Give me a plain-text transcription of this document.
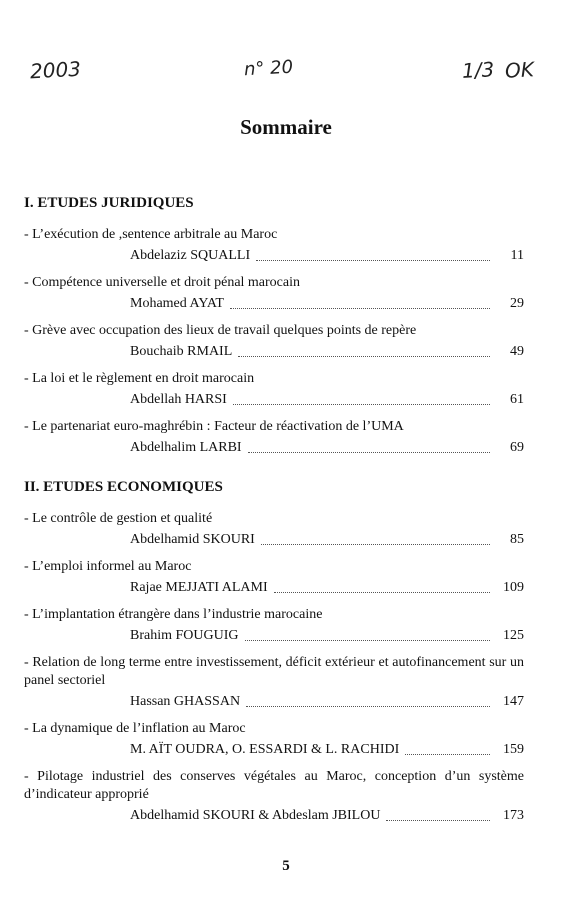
2003	n° 20	1/3 OK
Sommaire
I. ETUDES JURIDIQUES
- L’exécution de ,sentence arbitrale au Maroc
Abdelaziz SQUALLI	11
- Compétence universelle et droit pénal marocain
Mohamed AYAT	29
- Grève avec occupation des lieux de travail quelques points de repère
Bouchaib RMAIL	49
- La loi et le règlement en droit marocain
Abdellah HARSI	61
- Le partenariat euro-maghrébin : Facteur de réactivation de l’UMA
Abdelhalim LARBI	69
II. ETUDES ECONOMIQUES
- Le contrôle de gestion et qualité
Abdelhamid SKOURI	85
- L’emploi informel au Maroc
Rajae MEJJATI ALAMI	109
- L’implantation étrangère dans l’industrie marocaine
Brahim FOUGUIG	125
- Relation de long terme entre investissement, déficit extérieur et autofinancement sur un panel sectoriel
Hassan GHASSAN	147
- La dynamique de l’inflation au Maroc
M. AÏT OUDRA, O. ESSARDI & L. RACHIDI	159
- Pilotage industriel des conserves végétales au Maroc, conception d’un système d’indicateur approprié
Abdelhamid SKOURI & Abdeslam JBILOU	173
5
